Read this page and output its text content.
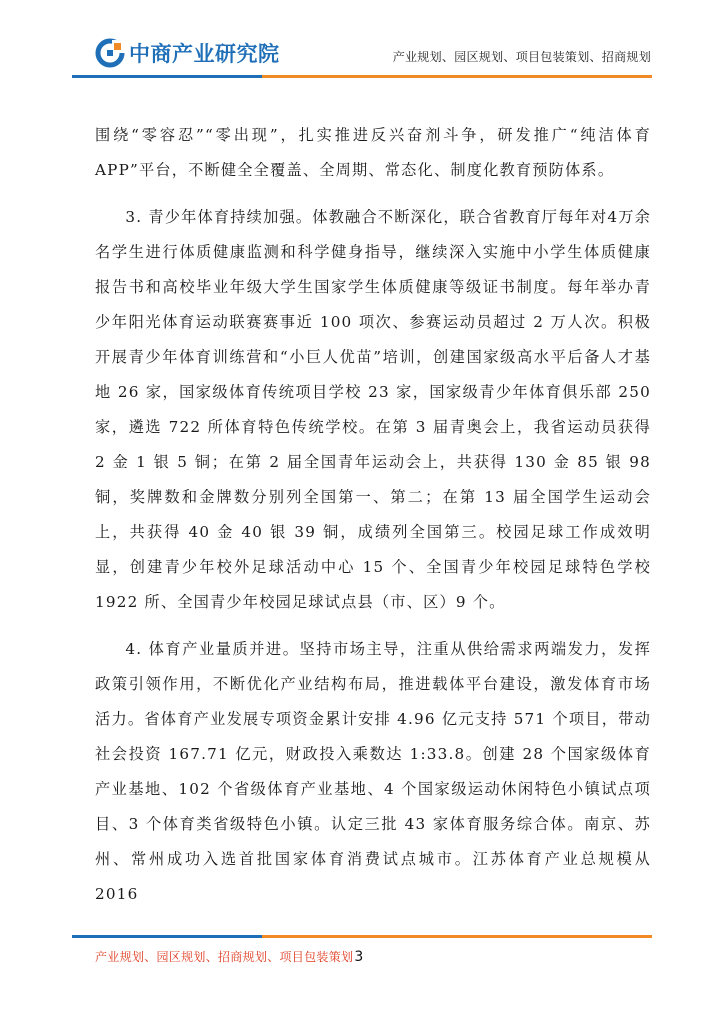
中商产业研究院	产业规划、园区规划、项目包装策划、招商规划

围绕“零容忍”“零出现”，扎实推进反兴奋剂斗争，研发推广“纯洁体育APP”平台，不断健全全覆盖、全周期、常态化、制度化教育预防体系。

3. 青少年体育持续加强。体教融合不断深化，联合省教育厅每年对4万余名学生进行体质健康监测和科学健身指导，继续深入实施中小学生体质健康报告书和高校毕业年级大学生国家学生体质健康等级证书制度。每年举办青少年阳光体育运动联赛赛事近 100 项次、参赛运动员超过 2 万人次。积极开展青少年体育训练营和“小巨人优苗”培训，创建国家级高水平后备人才基地 26 家，国家级体育传统项目学校 23 家，国家级青少年体育俱乐部 250 家，遴选 722 所体育特色传统学校。在第 3 届青奥会上，我省运动员获得 2 金 1 银 5 铜；在第 2 届全国青年运动会上，共获得 130 金 85 银 98 铜，奖牌数和金牌数分别列全国第一、第二；在第 13 届全国学生运动会上，共获得 40 金 40 银 39 铜，成绩列全国第三。校园足球工作成效明显，创建青少年校外足球活动中心 15 个、全国青少年校园足球特色学校 1922 所、全国青少年校园足球试点县（市、区）9 个。

4. 体育产业量质并进。坚持市场主导，注重从供给需求两端发力，发挥政策引领作用，不断优化产业结构布局，推进载体平台建设，激发体育市场活力。省体育产业发展专项资金累计安排 4.96 亿元支持 571 个项目，带动社会投资 167.71 亿元，财政投入乘数达 1:33.8。创建 28 个国家级体育产业基地、102 个省级体育产业基地、4 个国家级运动休闲特色小镇试点项目、3 个体育类省级特色小镇。认定三批 43 家体育服务综合体。南京、苏州、常州成功入选首批国家体育消费试点城市。江苏体育产业总规模从 2016

产业规划、园区规划、招商规划、项目包装策划3
